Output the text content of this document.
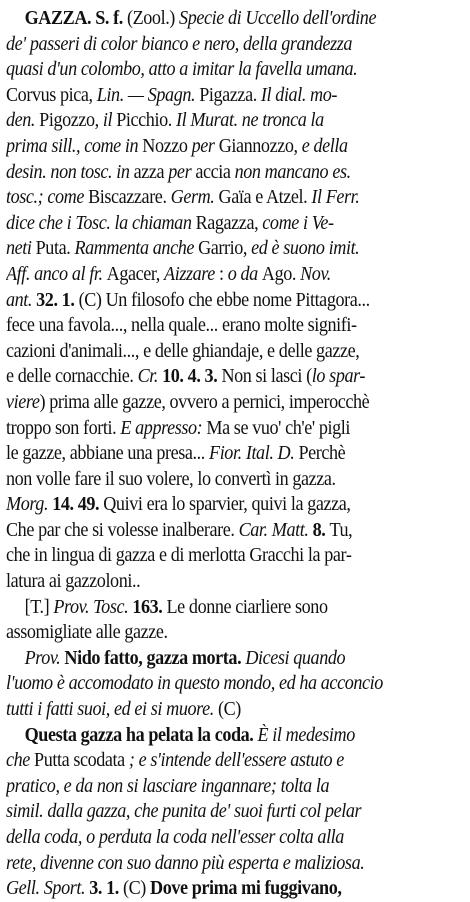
GAZZA. S. f. (Zool.) Specie di Uccello dell'ordine
de' passeri di color bianco e nero, della grandezza
quasi d'un colombo, atto a imitar la favella umana.
Corvus pica, Lin. — Spagn. Pigazza. Il dial. mo-
den. Pigozzo, il Picchio. Il Murat. ne tronca la
prima sill., come in Nozzo per Giannozzo, e della
desin. non tosc. in azza per accia non mancano es.
tosc.; come Biscazzare. Germ. Gaïa e Atzel. Il Ferr.
dice che i Tosc. la chiaman Ragazza, come i Ve-
neti Puta. Rammenta anche Garrio, ed è suono imit.
Aff. anco al fr. Agacer, Aizzare : o da Ago. Nov.
ant. 32. 1. (C) Un filosofo che ebbe nome Pittagora...
fece una favola..., nella quale... erano molte signifi-
cazioni d'animali..., e delle ghiandaje, e delle gazze,
e delle cornacchie. Cr. 10. 4. 3. Non si lasci (lo spar-
viere) prima alle gazze, ovvero a pernici, imperocchè
troppo son forti. E appresso: Ma se vuo' ch'e' pigli
le gazze, abbiane una presa... Fior. Ital. D. Perchè
non volle fare il suo volere, lo convertì in gazza.
Morg. 14. 49. Quivi era lo sparvier, quivi la gazza,
Che par che si volesse inalberare. Car. Matt. 8. Tu,
che in lingua di gazza e di merlotta Gracchi la par-
latura ai gazzoloni..
[T.] Prov. Tosc. 163. Le donne ciarliere sono
assomigliate alle gazze.
Prov. Nido fatto, gazza morta. Dicesi quando
l'uomo è accomodato in questo mondo, ed ha acconcio
tutti i fatti suoi, ed ei si muore. (C)
Questa gazza ha pelata la coda. È il medesimo
che Putta scodata ; e s'intende dell'essere astuto e
pratico, e da non si lasciare ingannare; tolta la
simil. dalla gazza, che punita de' suoi furti col pelar
della coda, o perduta la coda nell'esser colta alla
rete, divenne con suo danno più esperta e maliziosa.
Gell. Sport. 3. 1. (C) Dove prima mi fuggivano,
